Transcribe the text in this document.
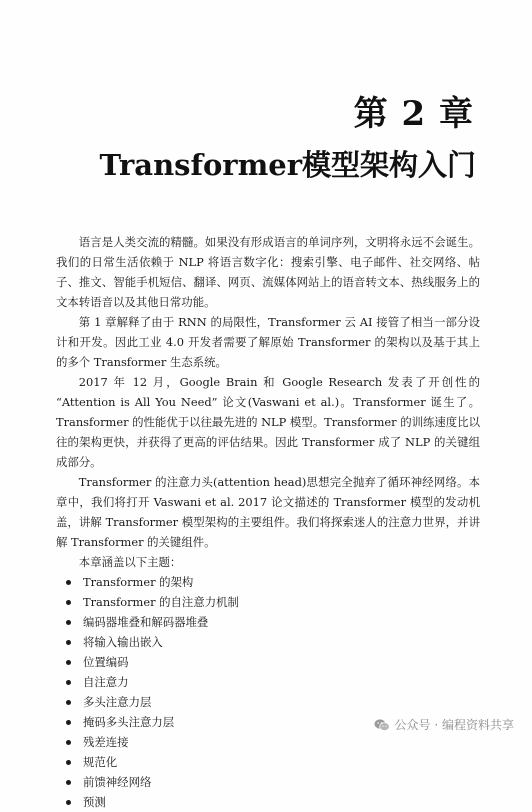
第 2 章
Transformer模型架构入门

语言是人类交流的精髓。如果没有形成语言的单词序列，文明将永远不会诞生。我们的日常生活依赖于 NLP 将语言数字化：搜索引擎、电子邮件、社交网络、帖子、推文、智能手机短信、翻译、网页、流媒体网站上的语音转文本、热线服务上的文本转语音以及其他日常功能。

第 1 章解释了由于 RNN 的局限性，Transformer 云 AI 接管了相当一部分设计和开发。因此工业 4.0 开发者需要了解原始 Transformer 的架构以及基于其上的多个 Transformer 生态系统。

2017 年 12 月，Google Brain 和 Google Research 发表了开创性的 “Attention is All You Need” 论文(Vaswani et al.)。Transformer 诞生了。Transformer 的性能优于以往最先进的 NLP 模型。Transformer 的训练速度比以往的架构更快，并获得了更高的评估结果。因此 Transformer 成了 NLP 的关键组成部分。

Transformer 的注意力头(attention head)思想完全抛弃了循环神经网络。本章中，我们将打开 Vaswani et al. 2017 论文描述的 Transformer 模型的发动机盖，讲解 Transformer 模型架构的主要组件。我们将探索迷人的注意力世界，并讲解 Transformer 的关键组件。

本章涵盖以下主题：

Transformer 的架构
Transformer 的自注意力机制
编码器堆叠和解码器堆叠
将输入输出嵌入
位置编码
自注意力
多头注意力层
掩码多头注意力层
残差连接
规范化
前馈神经网络
预测
公众号 · 编程资料共享
